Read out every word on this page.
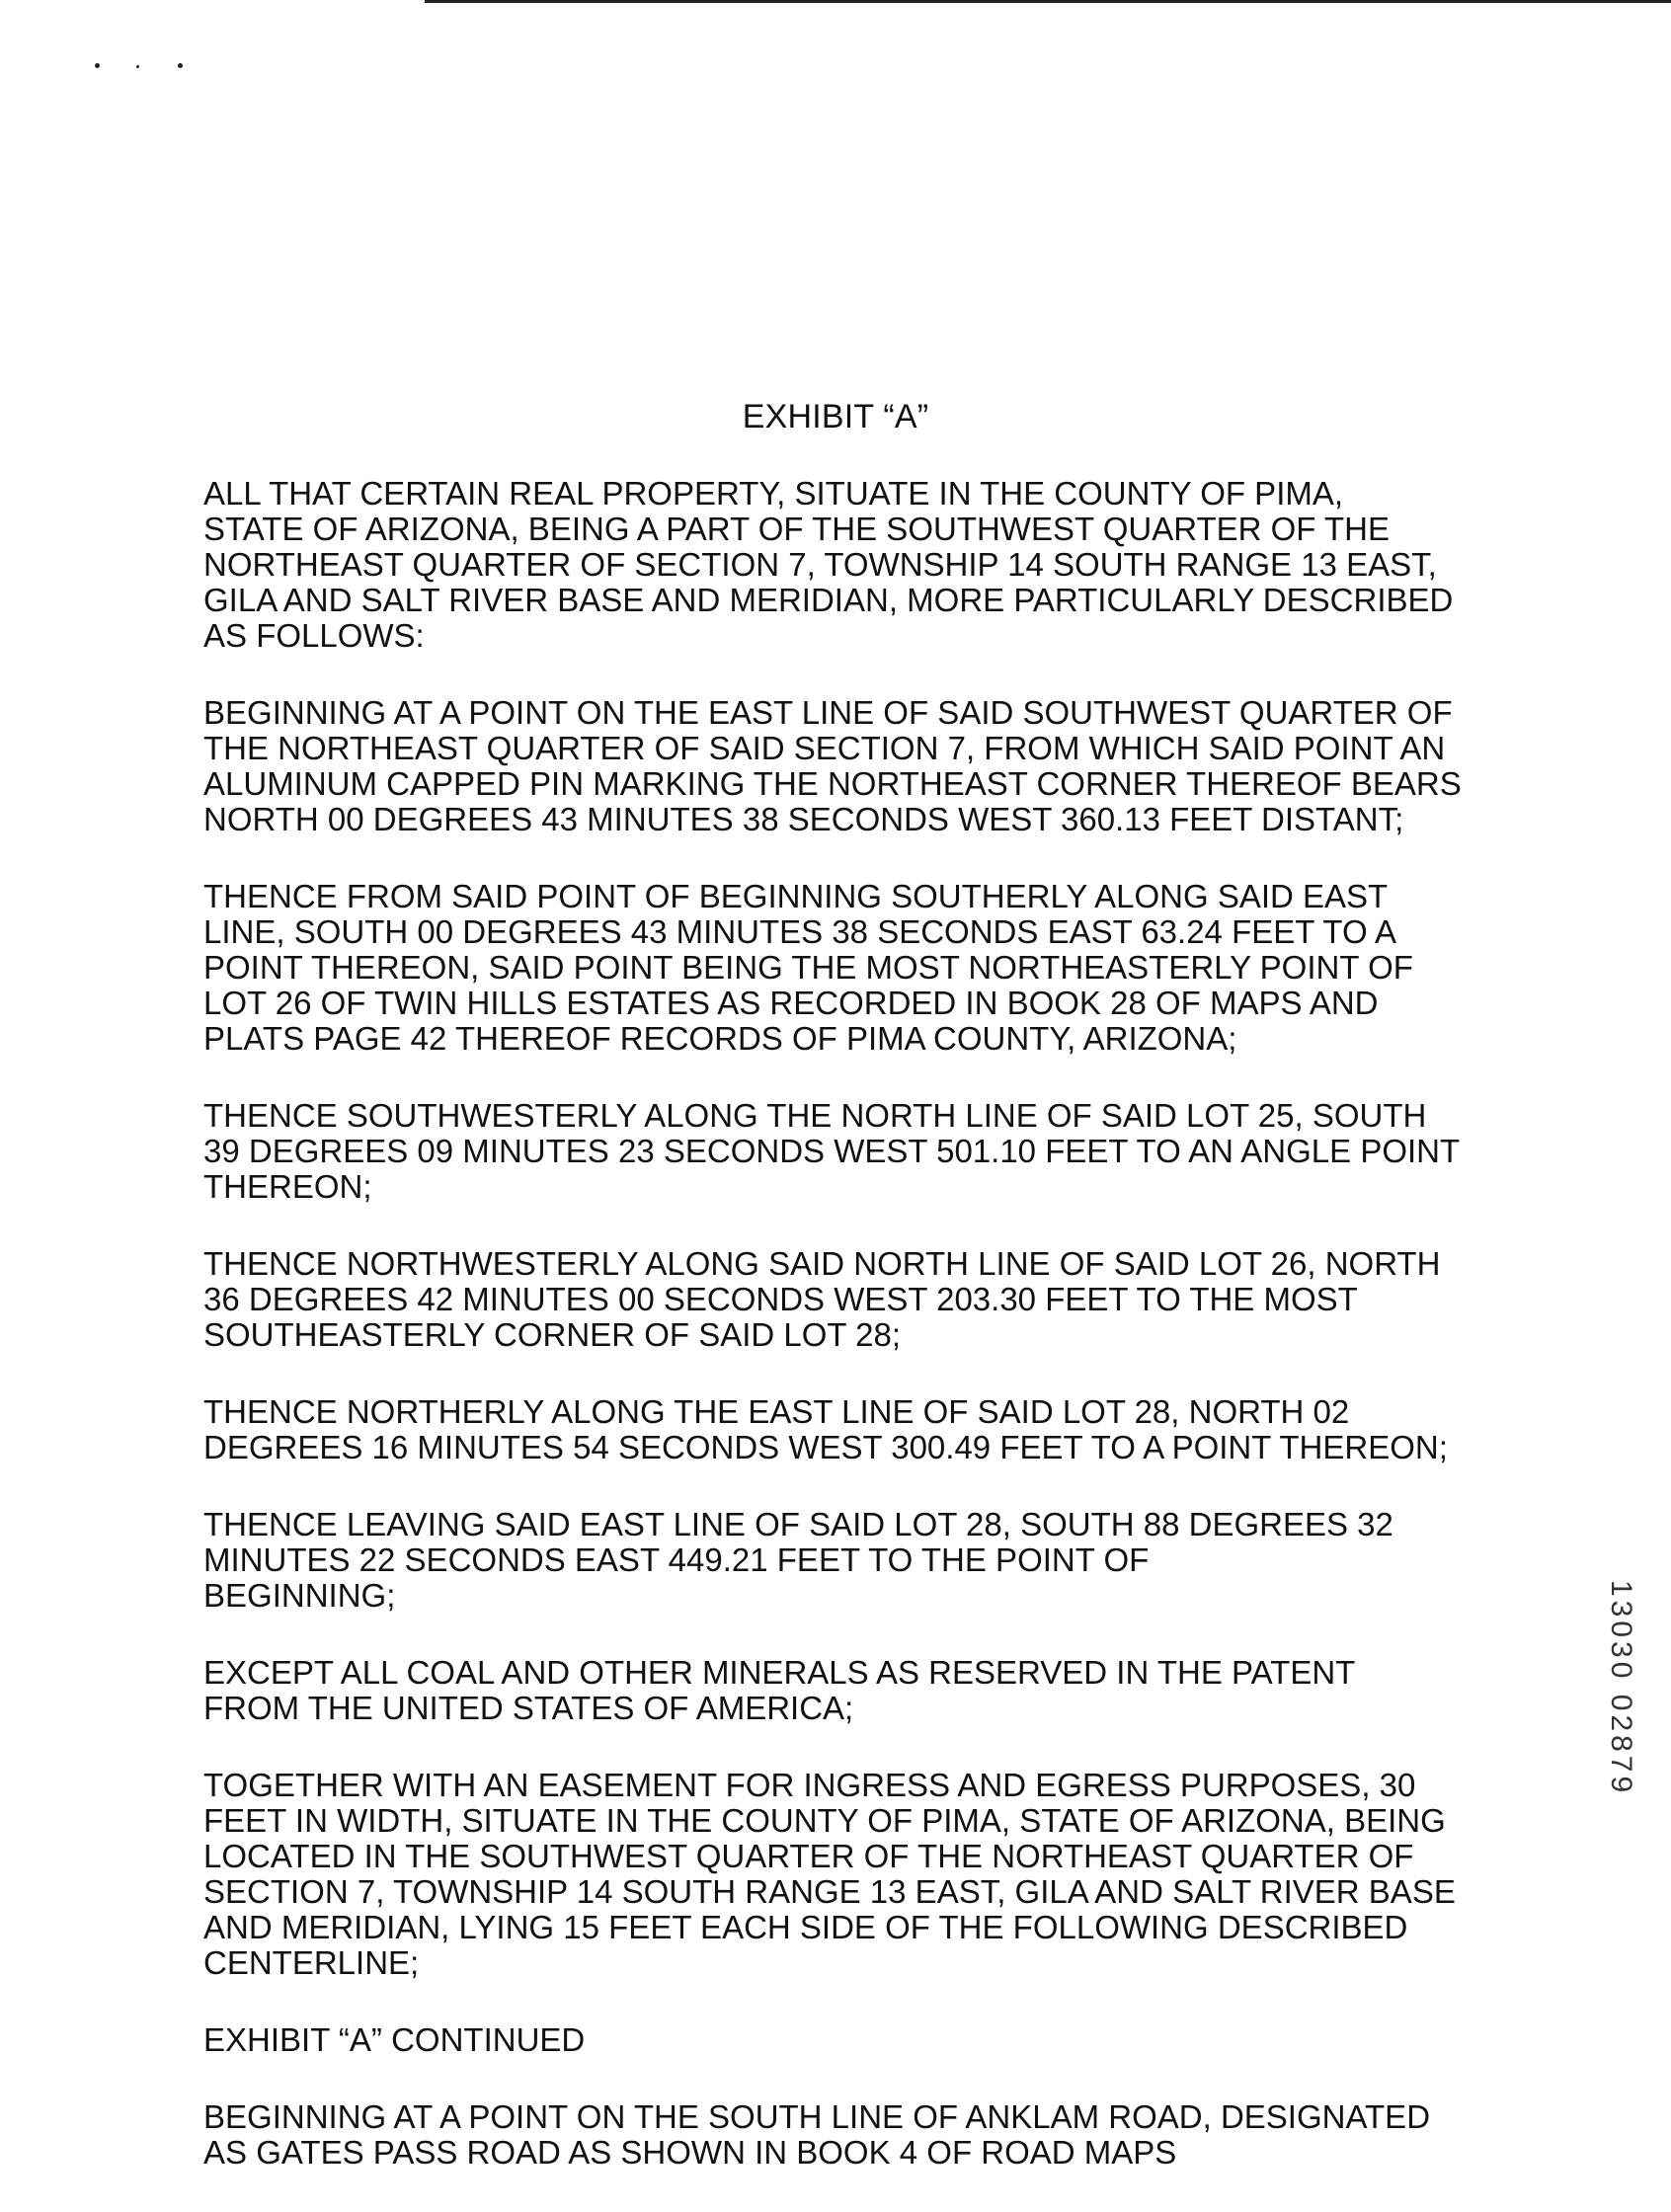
EXHIBIT “A”

ALL THAT CERTAIN REAL PROPERTY, SITUATE IN THE COUNTY OF PIMA,
STATE OF ARIZONA, BEING A PART OF THE SOUTHWEST QUARTER OF THE
NORTHEAST QUARTER OF SECTION 7, TOWNSHIP 14 SOUTH RANGE 13 EAST,
GILA AND SALT RIVER BASE AND MERIDIAN, MORE PARTICULARLY DESCRIBED
AS FOLLOWS:

BEGINNING AT A POINT ON THE EAST LINE OF SAID SOUTHWEST QUARTER OF
THE NORTHEAST QUARTER OF SAID SECTION 7, FROM WHICH SAID POINT AN
ALUMINUM CAPPED PIN MARKING THE NORTHEAST CORNER THEREOF BEARS
NORTH 00 DEGREES 43 MINUTES 38 SECONDS WEST 360.13 FEET DISTANT;

THENCE FROM SAID POINT OF BEGINNING SOUTHERLY ALONG SAID EAST
LINE, SOUTH 00 DEGREES 43 MINUTES 38 SECONDS EAST 63.24 FEET TO A
POINT THEREON, SAID POINT BEING THE MOST NORTHEASTERLY POINT OF
LOT 26 OF TWIN HILLS ESTATES AS RECORDED IN BOOK 28 OF MAPS AND
PLATS PAGE 42 THEREOF RECORDS OF PIMA COUNTY, ARIZONA;

THENCE SOUTHWESTERLY ALONG THE NORTH LINE OF SAID LOT 25, SOUTH
39 DEGREES 09 MINUTES 23 SECONDS WEST 501.10 FEET TO AN ANGLE POINT
THEREON;

THENCE NORTHWESTERLY ALONG SAID NORTH LINE OF SAID LOT 26, NORTH
36 DEGREES 42 MINUTES 00 SECONDS WEST 203.30 FEET TO THE MOST
SOUTHEASTERLY CORNER OF SAID LOT 28;

THENCE NORTHERLY ALONG THE EAST LINE OF SAID LOT 28, NORTH 02
DEGREES 16 MINUTES 54 SECONDS WEST 300.49 FEET TO A POINT THEREON;

THENCE LEAVING SAID EAST LINE OF SAID LOT 28, SOUTH 88 DEGREES 32
MINUTES 22 SECONDS EAST 449.21 FEET TO THE POINT OF
BEGINNING;

EXCEPT ALL COAL AND OTHER MINERALS AS RESERVED IN THE PATENT
FROM THE UNITED STATES OF AMERICA;

TOGETHER WITH AN EASEMENT FOR INGRESS AND EGRESS PURPOSES, 30
FEET IN WIDTH, SITUATE IN THE COUNTY OF PIMA, STATE OF ARIZONA, BEING
LOCATED IN THE SOUTHWEST QUARTER OF THE NORTHEAST QUARTER OF
SECTION 7, TOWNSHIP 14 SOUTH RANGE 13 EAST, GILA AND SALT RIVER BASE
AND MERIDIAN, LYING 15 FEET EACH SIDE OF THE FOLLOWING DESCRIBED
CENTERLINE;

EXHIBIT “A” CONTINUED

BEGINNING AT A POINT ON THE SOUTH LINE OF ANKLAM ROAD, DESIGNATED
AS GATES PASS ROAD AS SHOWN IN BOOK 4 OF ROAD MAPS

13030 02879
